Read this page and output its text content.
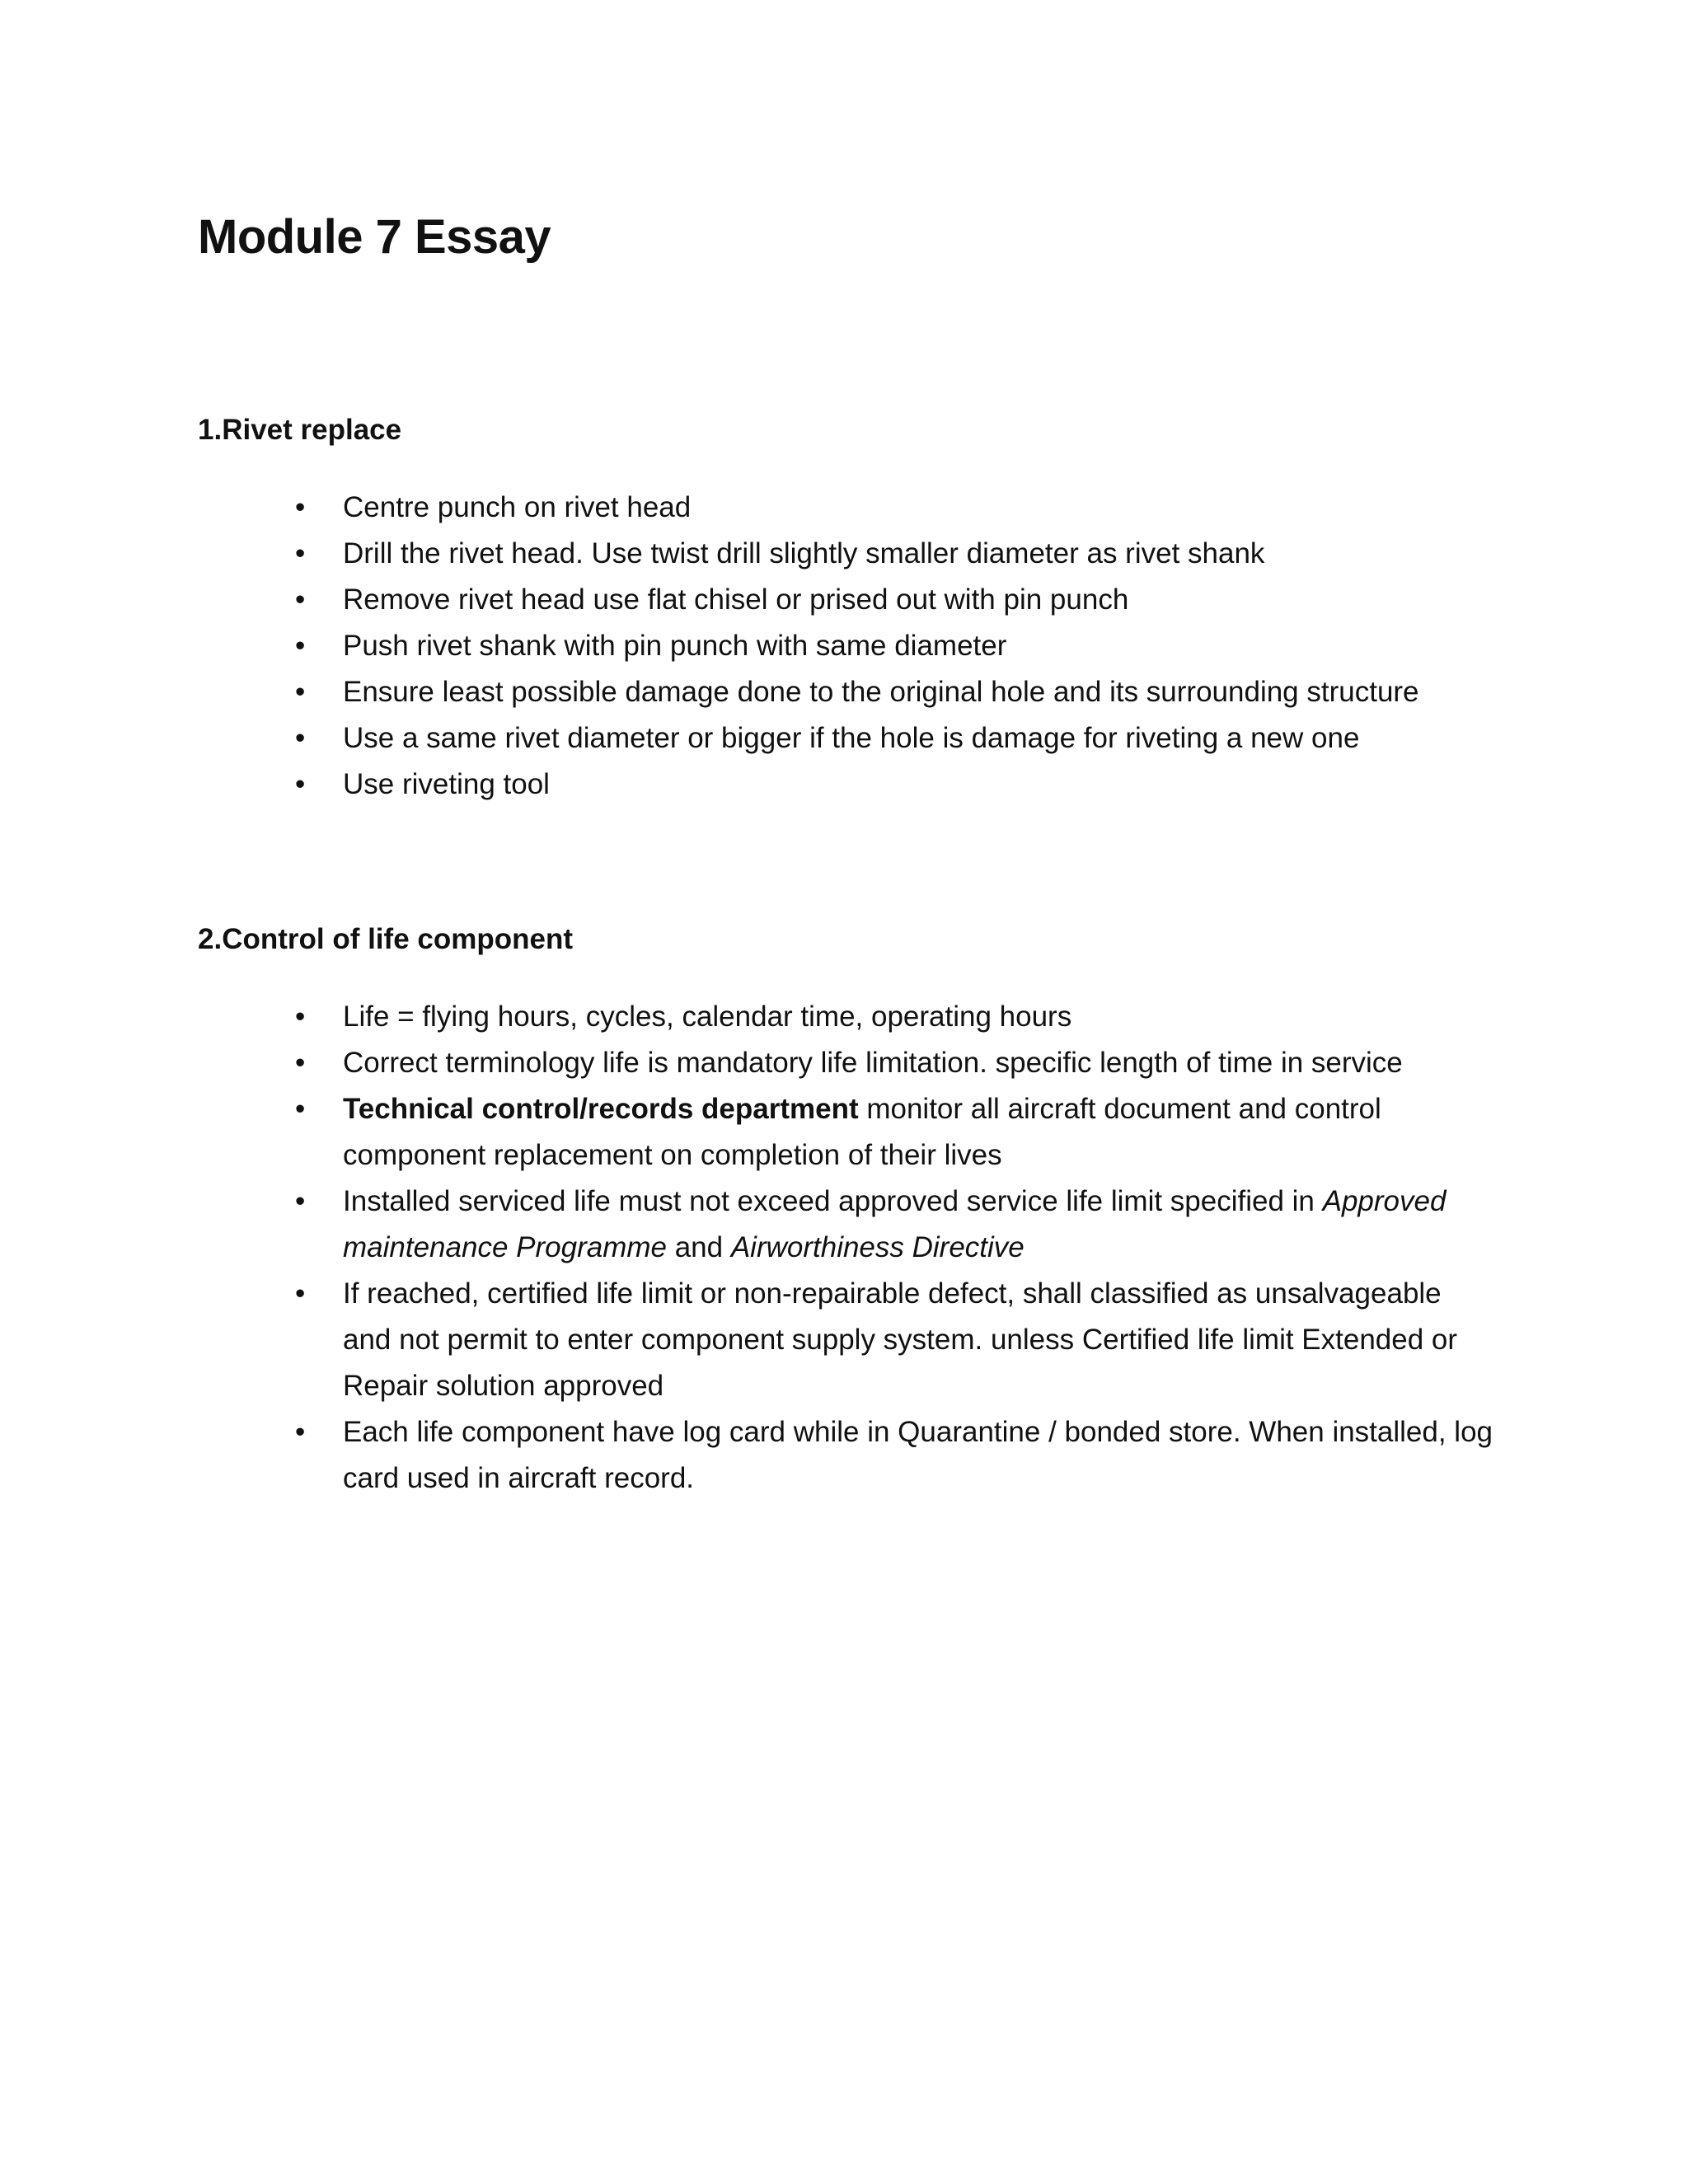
Module 7 Essay
1.Rivet replace
• Centre punch on rivet head
• Drill the rivet head. Use twist drill slightly smaller diameter as rivet shank
• Remove rivet head use flat chisel or prised out with pin punch
• Push rivet shank with pin punch with same diameter
• Ensure least possible damage done to the original hole and its surrounding structure
• Use a same rivet diameter or bigger if the hole is damage for riveting a new one
• Use riveting tool
2.Control of life component
• Life = flying hours, cycles, calendar time, operating hours
• Correct terminology life is mandatory life limitation. specific length of time in service
• Technical control/records department monitor all aircraft document and control component replacement on completion of their lives
• Installed serviced life must not exceed approved service life limit specified in Approved maintenance Programme and Airworthiness Directive
• If reached, certified life limit or non-repairable defect, shall classified as unsalvageable and not permit to enter component supply system. unless Certified life limit Extended or Repair solution approved
• Each life component have log card while in Quarantine / bonded store. When installed, log card used in aircraft record.
